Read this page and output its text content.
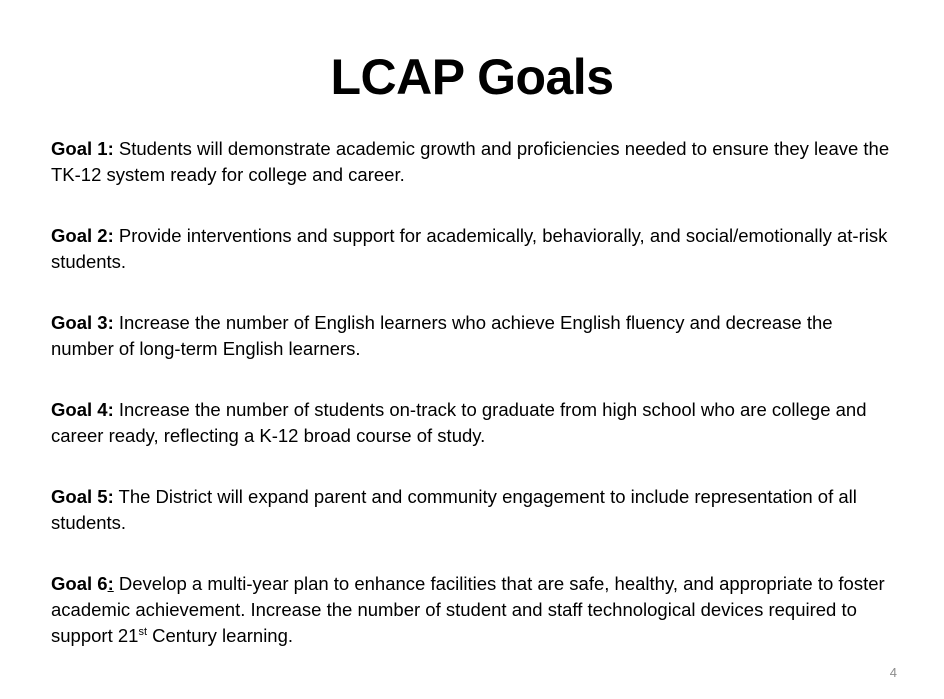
LCAP Goals

Goal 1: Students will demonstrate academic growth and proficiencies needed to ensure they leave the TK-12 system ready for college and career.

Goal 2: Provide interventions and support for academically, behaviorally, and social/emotionally at-risk students.

Goal 3: Increase the number of English learners who achieve English fluency and decrease the number of long-term English learners.

Goal 4: Increase the number of students on-track to graduate from high school who are college and career ready, reflecting a K-12 broad course of study.

Goal 5: The District will expand parent and community engagement to include representation of all students.

Goal 6: Develop a multi-year plan to enhance facilities that are safe, healthy, and appropriate to foster academic achievement. Increase the number of student and staff technological devices required to support 21st Century learning.

4
